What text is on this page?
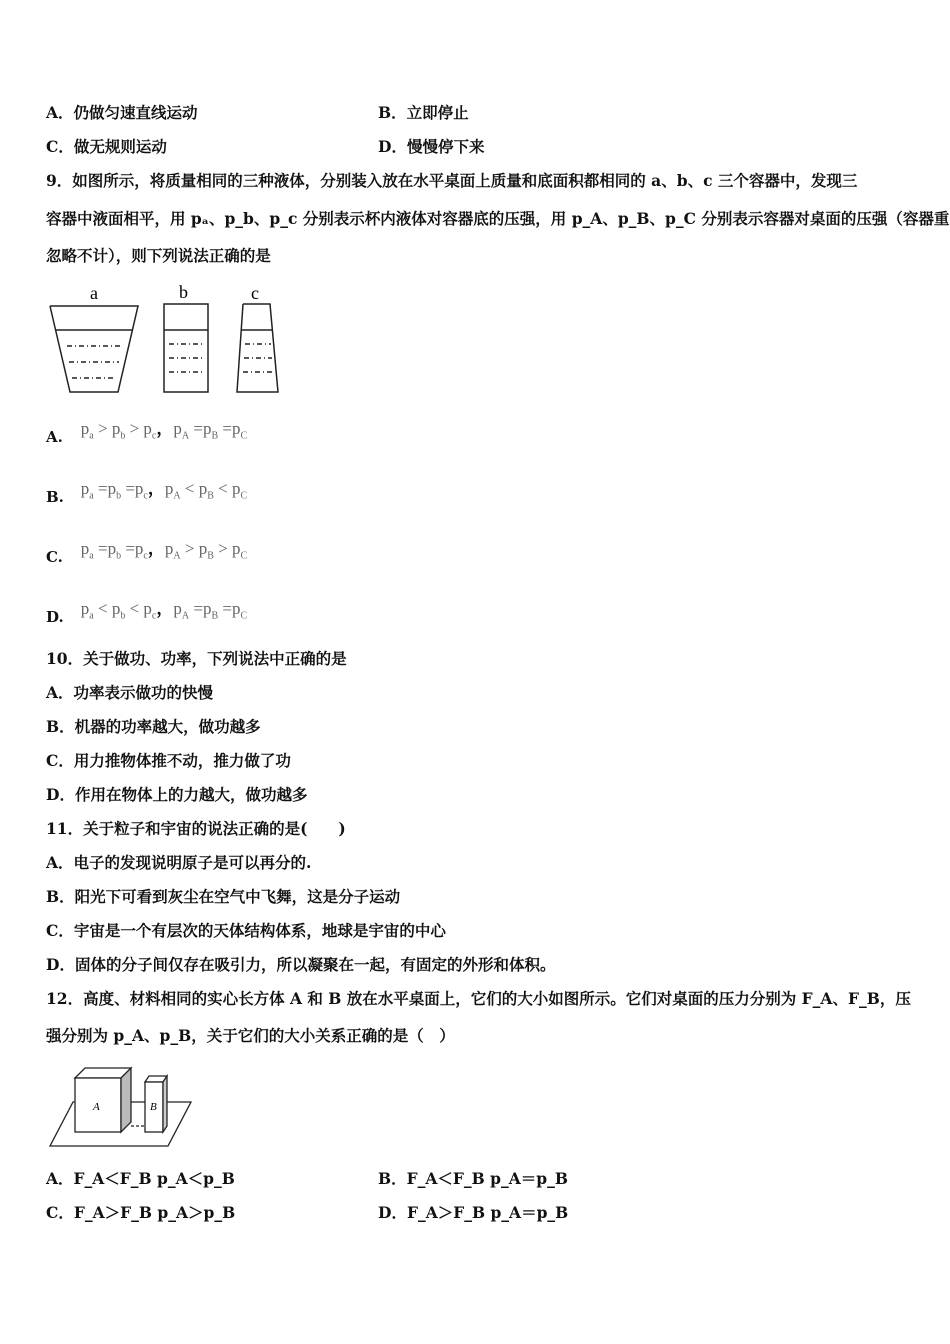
A．仍做匀速直线运动	B．立即停止
C．做无规则运动	D．慢慢停下来
9．如图所示，将质量相同的三种液体，分别装入放在水平桌面上质量和底面积都相同的 a、b、c 三个容器中，发现三
容器中液面相平，用 pₐ、p_b、p_c 分别表示杯内液体对容器底的压强，用 p_A、p_B、p_C 分别表示容器对桌面的压强（容器重
忽略不计），则下列说法正确的是
a	b	c
A. $p_a > p_b > p_c$，$p_A =p_B =p_C$
B. $p_a =p_b =p_c$，$p_A < p_B < p_C$
C. $p_a =p_b =p_c$，$p_A > p_B > p_C$
D. $p_a < p_b < p_c$，$p_A =p_B =p_C$
10．关于做功、功率，下列说法中正确的是
A．功率表示做功的快慢
B．机器的功率越大，做功越多
C．用力推物体推不动，推力做了功
D．作用在物体上的力越大，做功越多
11．关于粒子和宇宙的说法正确的是(　　)
A．电子的发现说明原子是可以再分的.
B．阳光下可看到灰尘在空气中飞舞，这是分子运动
C．宇宙是一个有层次的天体结构体系，地球是宇宙的中心
D．固体的分子间仅存在吸引力，所以凝聚在一起，有固定的外形和体积。
12．高度、材料相同的实心长方体 A 和 B 放在水平桌面上，它们的大小如图所示。它们对桌面的压力分别为 F_A、F_B，压
强分别为 p_A、p_B，关于它们的大小关系正确的是（　）
A	B
A．F_A＜F_B p_A＜p_B	B．F_A＜F_B p_A＝p_B
C．F_A＞F_B p_A＞p_B	D．F_A＞F_B p_A＝p_B
